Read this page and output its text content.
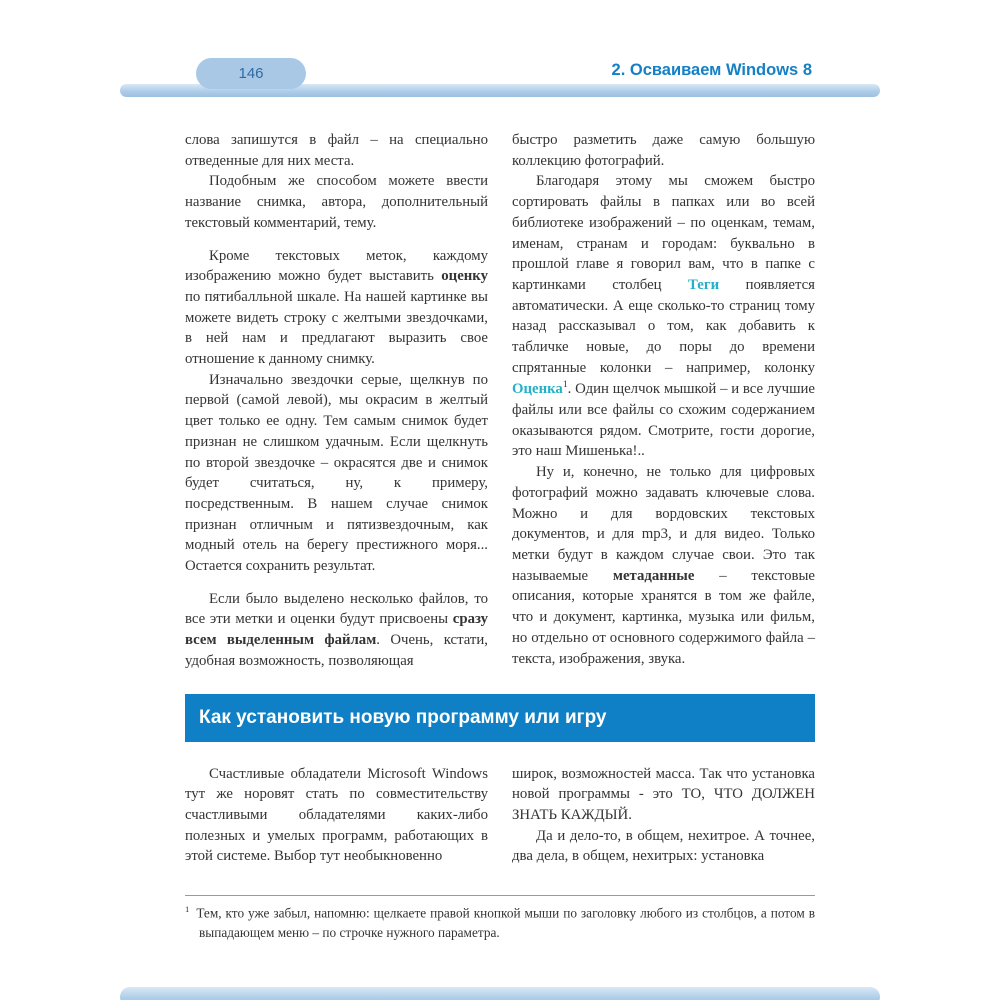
146	2. Осваиваем Windows 8

слова запишутся в файл – на специально отведенные для них места.

Подобным же способом можете ввести название снимка, автора, дополнительный текстовый комментарий, тему.

Кроме текстовых меток, каждому изображению можно будет выставить оценку по пятибалльной шкале. На нашей картинке вы можете видеть строку с желтыми звездочками, в ней нам и предлагают выразить свое отношение к данному снимку.

Изначально звездочки серые, щелкнув по первой (самой левой), мы окрасим в желтый цвет только ее одну. Тем самым снимок будет признан не слишком удачным. Если щелкнуть по второй звездочке – окрасятся две и снимок будет считаться, ну, к примеру, посредственным. В нашем случае снимок признан отличным и пятизвездочным, как модный отель на берегу престижного моря... Остается сохранить результат.

Если было выделено несколько файлов, то все эти метки и оценки будут присвоены сразу всем выделенным файлам. Очень, кстати, удобная возможность, позволяющая

быстро разметить даже самую большую коллекцию фотографий.

Благодаря этому мы сможем быстро сортировать файлы в папках или во всей библиотеке изображений – по оценкам, темам, именам, странам и городам: буквально в прошлой главе я говорил вам, что в папке с картинками столбец Теги появляется автоматически. А еще сколько-то страниц тому назад рассказывал о том, как добавить к табличке новые, до поры до времени спрятанные колонки – например, колонку Оценка$^1$. Один щелчок мышкой – и все лучшие файлы или все файлы со схожим содержанием оказываются рядом. Смотрите, гости дорогие, это наш Мишенька!..

Ну и, конечно, не только для цифровых фотографий можно задавать ключевые слова. Можно и для вордовских текстовых документов, и для mp3, и для видео. Только метки будут в каждом случае свои. Это так называемые метаданные – текстовые описания, которые хранятся в том же файле, что и документ, картинка, музыка или фильм, но отдельно от основного содержимого файла – текста, изображения, звука.

Как установить новую программу или игру

Счастливые обладатели Microsoft Windows тут же норовят стать по совместительству счастливыми обладателями каких-либо полезных и умелых программ, работающих в этой системе. Выбор тут необыкновенно

широк, возможностей масса. Так что установка новой программы - это ТО, ЧТО ДОЛЖЕН ЗНАТЬ КАЖДЫЙ.

Да и дело-то, в общем, нехитрое. А точнее, два дела, в общем, нехитрых: установка

$^1$ Тем, кто уже забыл, напомню: щелкаете правой кнопкой мыши по заголовку любого из столбцов, а потом в выпадающем меню – по строчке нужного параметра.
